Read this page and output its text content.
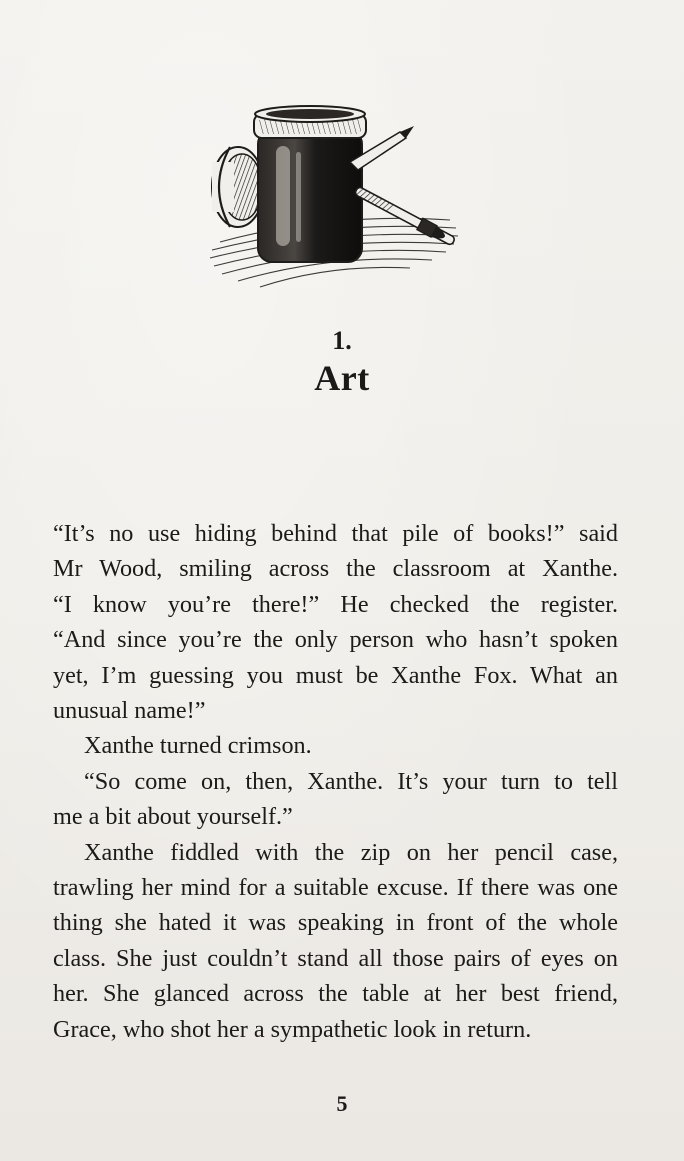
1.
Art

“It’s no use hiding behind that pile of books!” said
Mr Wood, smiling across the classroom at Xanthe.
“I know you’re there!” He checked the register.
“And since you’re the only person who hasn’t spoken
yet, I’m guessing you must be Xanthe Fox. What an
unusual name!”

Xanthe turned crimson.

“So come on, then, Xanthe. It’s your turn to tell
me a bit about yourself.”

Xanthe fiddled with the zip on her pencil case,
trawling her mind for a suitable excuse. If there was one
thing she hated it was speaking in front of the whole
class. She just couldn’t stand all those pairs of eyes on
her. She glanced across the table at her best friend,
Grace, who shot her a sympathetic look in return.

5
